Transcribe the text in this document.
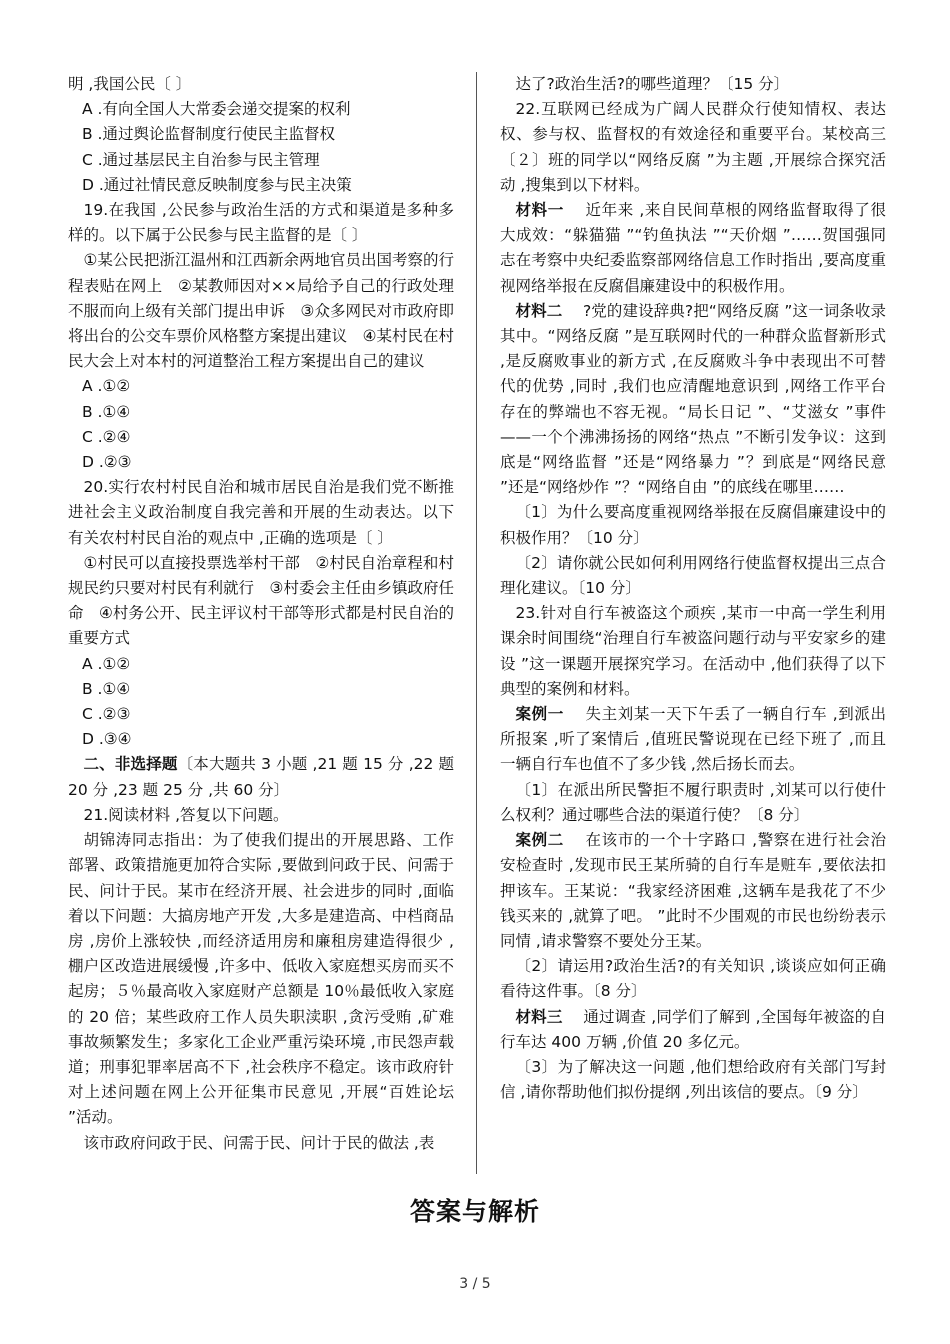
明 ,我国公民〔 〕

A .有向全国人大常委会递交提案的权利

B .通过舆论监督制度行使民主监督权

C .通过基层民主自治参与民主管理

D .通过社情民意反映制度参与民主决策

19.在我国 ,公民参与政治生活的方式和渠道是多种多样的。以下属于公民参与民主监督的是〔 〕

①某公民把浙江温州和江西新余两地官员出国考察的行程表贴在网上　②某教师因对××局给予自己的行政处理不服而向上级有关部门提出申诉　③众多网民对市政府即将出台的公交车票价风格整方案提出建议　④某村民在村民大会上对本村的河道整治工程方案提出自己的建议

A .①②

B .①④

C .②④

D .②③

20.实行农村村民自治和城市居民自治是我们党不断推进社会主义政治制度自我完善和开展的生动表达。以下有关农村村民自治的观点中 ,正确的选项是〔 〕

①村民可以直接投票选举村干部　②村民自治章程和村规民约只要对村民有利就行　③村委会主任由乡镇政府任命　④村务公开、民主评议村干部等形式都是村民自治的重要方式

A .①②

B .①④

C .②③

D .③④

二、非选择题〔本大题共 3 小题 ,21 题 15 分 ,22 题 20 分 ,23 题 25 分 ,共 60 分〕

21.阅读材料 ,答复以下问题。

胡锦涛同志指出：为了使我们提出的开展思路、工作部署、政策措施更加符合实际 ,要做到问政于民、问需于民、问计于民。某市在经济开展、社会进步的同时 ,面临着以下问题：大搞房地产开发 ,大多是建造高、中档商品房 ,房价上涨较快 ,而经济适用房和廉租房建造得很少 ,棚户区改造进展缓慢 ,许多中、低收入家庭想买房而买不起房；５％最高收入家庭财产总额是 10％最低收入家庭的 20 倍；某些政府工作人员失职渎职 ,贪污受贿 ,矿难事故频繁发生；多家化工企业严重污染环境 ,市民怨声载道；刑事犯罪率居高不下 ,社会秩序不稳定。该市政府针对上述问题在网上公开征集市民意见 ,开展“百姓论坛 ”活动。

该市政府问政于民、问需于民、问计于民的做法 ,表

达了?政治生活?的哪些道理？〔15 分〕

22.互联网已经成为广阔人民群众行使知情权、表达权、参与权、监督权的有效途径和重要平台。某校高三〔２〕班的同学以“网络反腐 ”为主题 ,开展综合探究活动 ,搜集到以下材料。

材料一　 近年来 ,来自民间草根的网络监督取得了很大成效：“躲猫猫 ”“钓鱼执法 ”“天价烟 ”……贺国强同志在考察中央纪委监察部网络信息工作时指出 ,要高度重视网络举报在反腐倡廉建设中的积极作用。

材料二　 ?党的建设辞典?把“网络反腐 ”这一词条收录其中。“网络反腐 ”是互联网时代的一种群众监督新形式 ,是反腐败事业的新方式 ,在反腐败斗争中表现出不可替代的优势 ,同时 ,我们也应清醒地意识到 ,网络工作平台存在的弊端也不容无视。“局长日记 ”、“艾滋女 ”事件——一个个沸沸扬扬的网络“热点 ”不断引发争议：这到底是“网络监督 ”还是“网络暴力 ”？到底是“网络民意 ”还是“网络炒作 ”？“网络自由 ”的底线在哪里……

〔1〕为什么要高度重视网络举报在反腐倡廉建设中的积极作用？〔10 分〕

〔2〕请你就公民如何利用网络行使监督权提出三点合理化建议。〔10 分〕

23.针对自行车被盗这个顽疾 ,某市一中高一学生利用课余时间围绕“治理自行车被盗问题行动与平安家乡的建设 ”这一课题开展探究学习。在活动中 ,他们获得了以下典型的案例和材料。

案例一　 失主刘某一天下午丢了一辆自行车 ,到派出所报案 ,听了案情后 ,值班民警说现在已经下班了 ,而且一辆自行车也值不了多少钱 ,然后扬长而去。

〔1〕在派出所民警拒不履行职责时 ,刘某可以行使什么权利？通过哪些合法的渠道行使？〔8 分〕

案例二　 在该市的一个十字路口 ,警察在进行社会治安检查时 ,发现市民王某所骑的自行车是赃车 ,要依法扣押该车。王某说：“我家经济困难 ,这辆车是我花了不少钱买来的 ,就算了吧。 ”此时不少围观的市民也纷纷表示同情 ,请求警察不要处分王某。

〔2〕请运用?政治生活?的有关知识 ,谈谈应如何正确看待这件事。〔8 分〕

材料三　 通过调查 ,同学们了解到 ,全国每年被盗的自行车达 400 万辆 ,价值 20 多亿元。

〔3〕为了解决这一问题 ,他们想给政府有关部门写封信 ,请你帮助他们拟份提纲 ,列出该信的要点。〔9 分〕

答案与解析
3 / 5
